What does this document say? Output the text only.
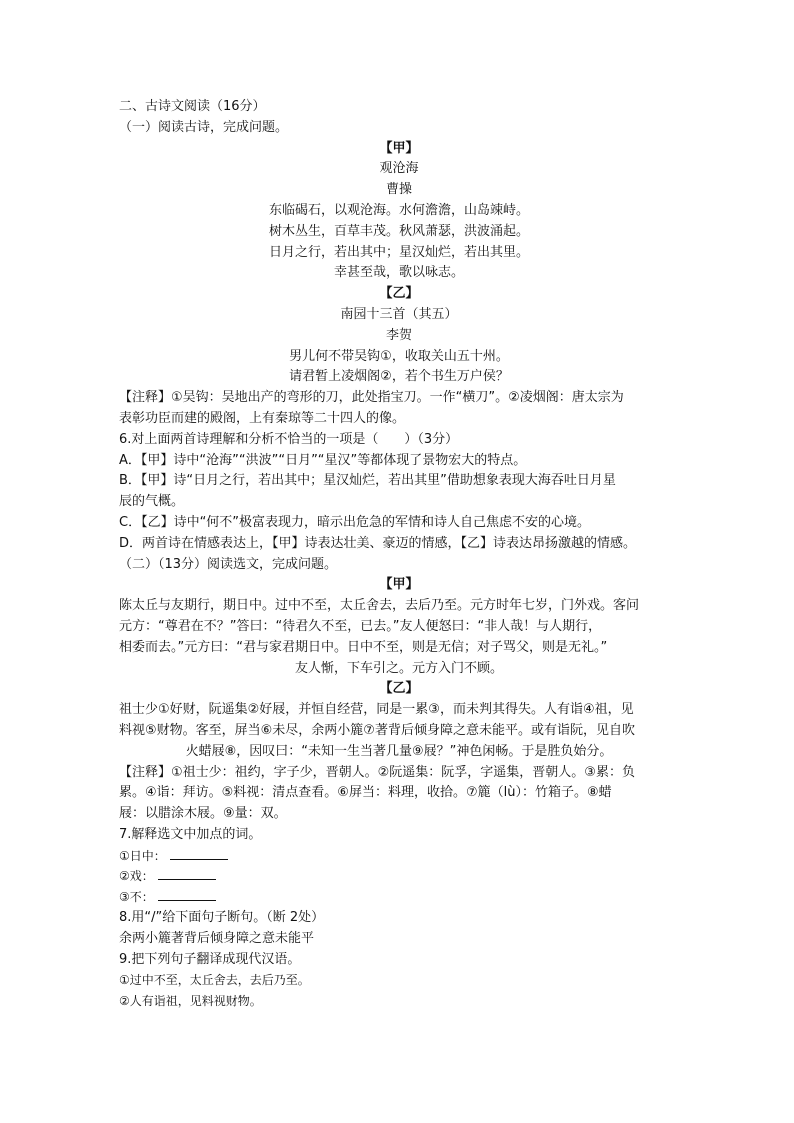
二、古诗文阅读（16分）
（一）阅读古诗，完成问题。
【甲】
观沧海
曹操
东临碣石，以观沧海。水何澹澹，山岛竦峙。
树木丛生，百草丰茂。秋风萧瑟，洪波涌起。
日月之行，若出其中；星汉灿烂，若出其里。
幸甚至哉，歌以咏志。
【乙】
南园十三首（其五）
李贺
男儿何不带吴钩①，收取关山五十州。
请君暂上凌烟阁②，若个书生万户侯？
【注释】①吴钩：吴地出产的弯形的刀，此处指宝刀。一作“横刀”。②凌烟阁：唐太宗为
表彰功臣而建的殿阁，上有秦琼等二十四人的像。
6.对上面两首诗理解和分析不恰当的一项是（　　）（3分）
A．【甲】诗中“沧海”“洪波”“日月”“星汉”等都体现了景物宏大的特点。
B．【甲】诗“日月之行，若出其中；星汉灿烂，若出其里”借助想象表现大海吞吐日月星
辰的气概。
C．【乙】诗中“何不”极富表现力，暗示出危急的军情和诗人自己焦虑不安的心境。
D．两首诗在情感表达上，【甲】诗表达壮美、豪迈的情感，【乙】诗表达昂扬激越的情感。
（二）（13分）阅读选文，完成问题。
【甲】
陈太丘与友期行，期日中。过中不至，太丘舍去，去后乃至。元方时年七岁，门外戏。客问
元方：“尊君在不？”答曰：“待君久不至，已去。”友人便怒曰：“非人哉！与人期行，
相委而去。”元方曰：“君与家君期日中。日中不至，则是无信；对子骂父，则是无礼。”
友人惭，下车引之。元方入门不顾。
【乙】
祖士少①好财，阮遥集②好屐，并恒自经营，同是一累③，而未判其得失。人有诣④祖，见
料视⑤财物。客至，屏当⑥未尽，余两小簏⑦著背后倾身障之意未能平。或有诣阮，见自吹
火蜡屐⑧，因叹曰：“未知一生当著几量⑨屐？”神色闲畅。于是胜负始分。
【注释】①祖士少：祖约，字子少，晋朝人。②阮遥集：阮孚，字遥集，晋朝人。③累：负
累。④诣：拜访。⑤料视：清点查看。⑥屏当：料理，收拾。⑦簏（lù）：竹箱子。⑧蜡
屐：以腊涂木屐。⑨量：双。
7.解释选文中加点的词。
①日中：
②戏：
③不：
8.用“/”给下面句子断句。（断 2处）
余两小簏著背后倾身障之意未能平
9.把下列句子翻译成现代汉语。
①过中不至，太丘舍去，去后乃至。
②人有诣祖，见料视财物。
